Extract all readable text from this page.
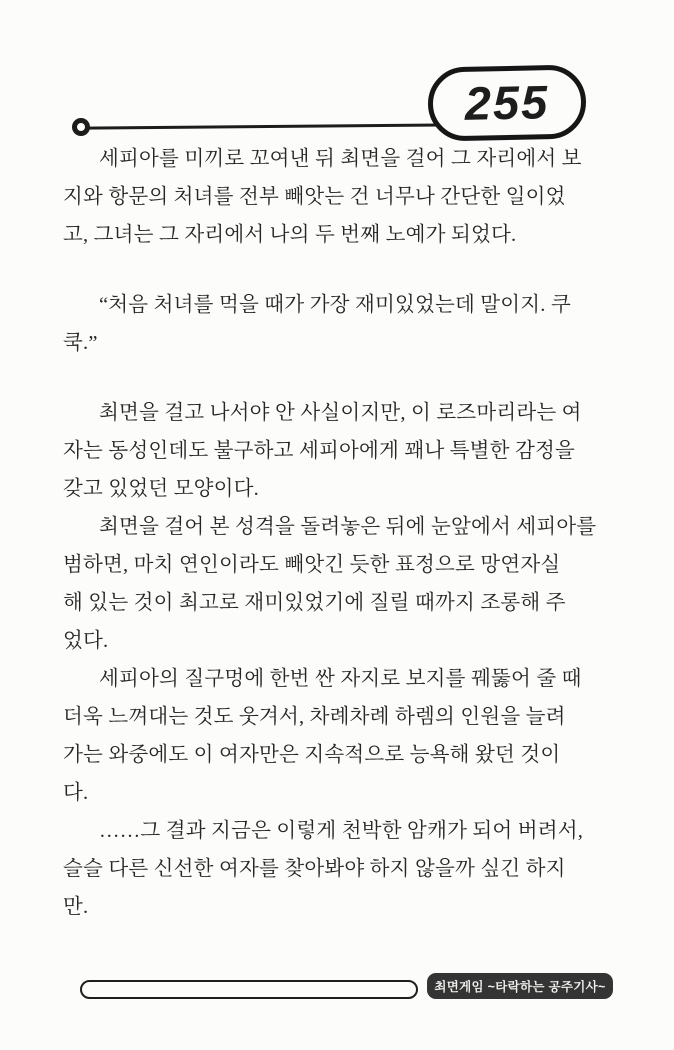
255

세피아를 미끼로 꼬여낸 뒤 최면을 걸어 그 자리에서 보
지와 항문의 처녀를 전부 빼앗는 건 너무나 간단한 일이었
고, 그녀는 그 자리에서 나의 두 번째 노예가 되었다.

“처음 처녀를 먹을 때가 가장 재미있었는데 말이지. 쿠
쿡.”

최면을 걸고 나서야 안 사실이지만, 이 로즈마리라는 여
자는 동성인데도 불구하고 세피아에게 꽤나 특별한 감정을
갖고 있었던 모양이다.

최면을 걸어 본 성격을 돌려놓은 뒤에 눈앞에서 세피아를
범하면, 마치 연인이라도 빼앗긴 듯한 표정으로 망연자실
해 있는 것이 최고로 재미있었기에 질릴 때까지 조롱해 주
었다.

세피아의 질구멍에 한번 싼 자지로 보지를 꿰뚫어 줄 때
더욱 느껴대는 것도 웃겨서, 차례차례 하렘의 인원을 늘려
가는 와중에도 이 여자만은 지속적으로 능욕해 왔던 것이
다.

……그 결과 지금은 이렇게 천박한 암캐가 되어 버려서,
슬슬 다른 신선한 여자를 찾아봐야 하지 않을까 싶긴 하지
만.

최면게임 ~타락하는 공주기사~
